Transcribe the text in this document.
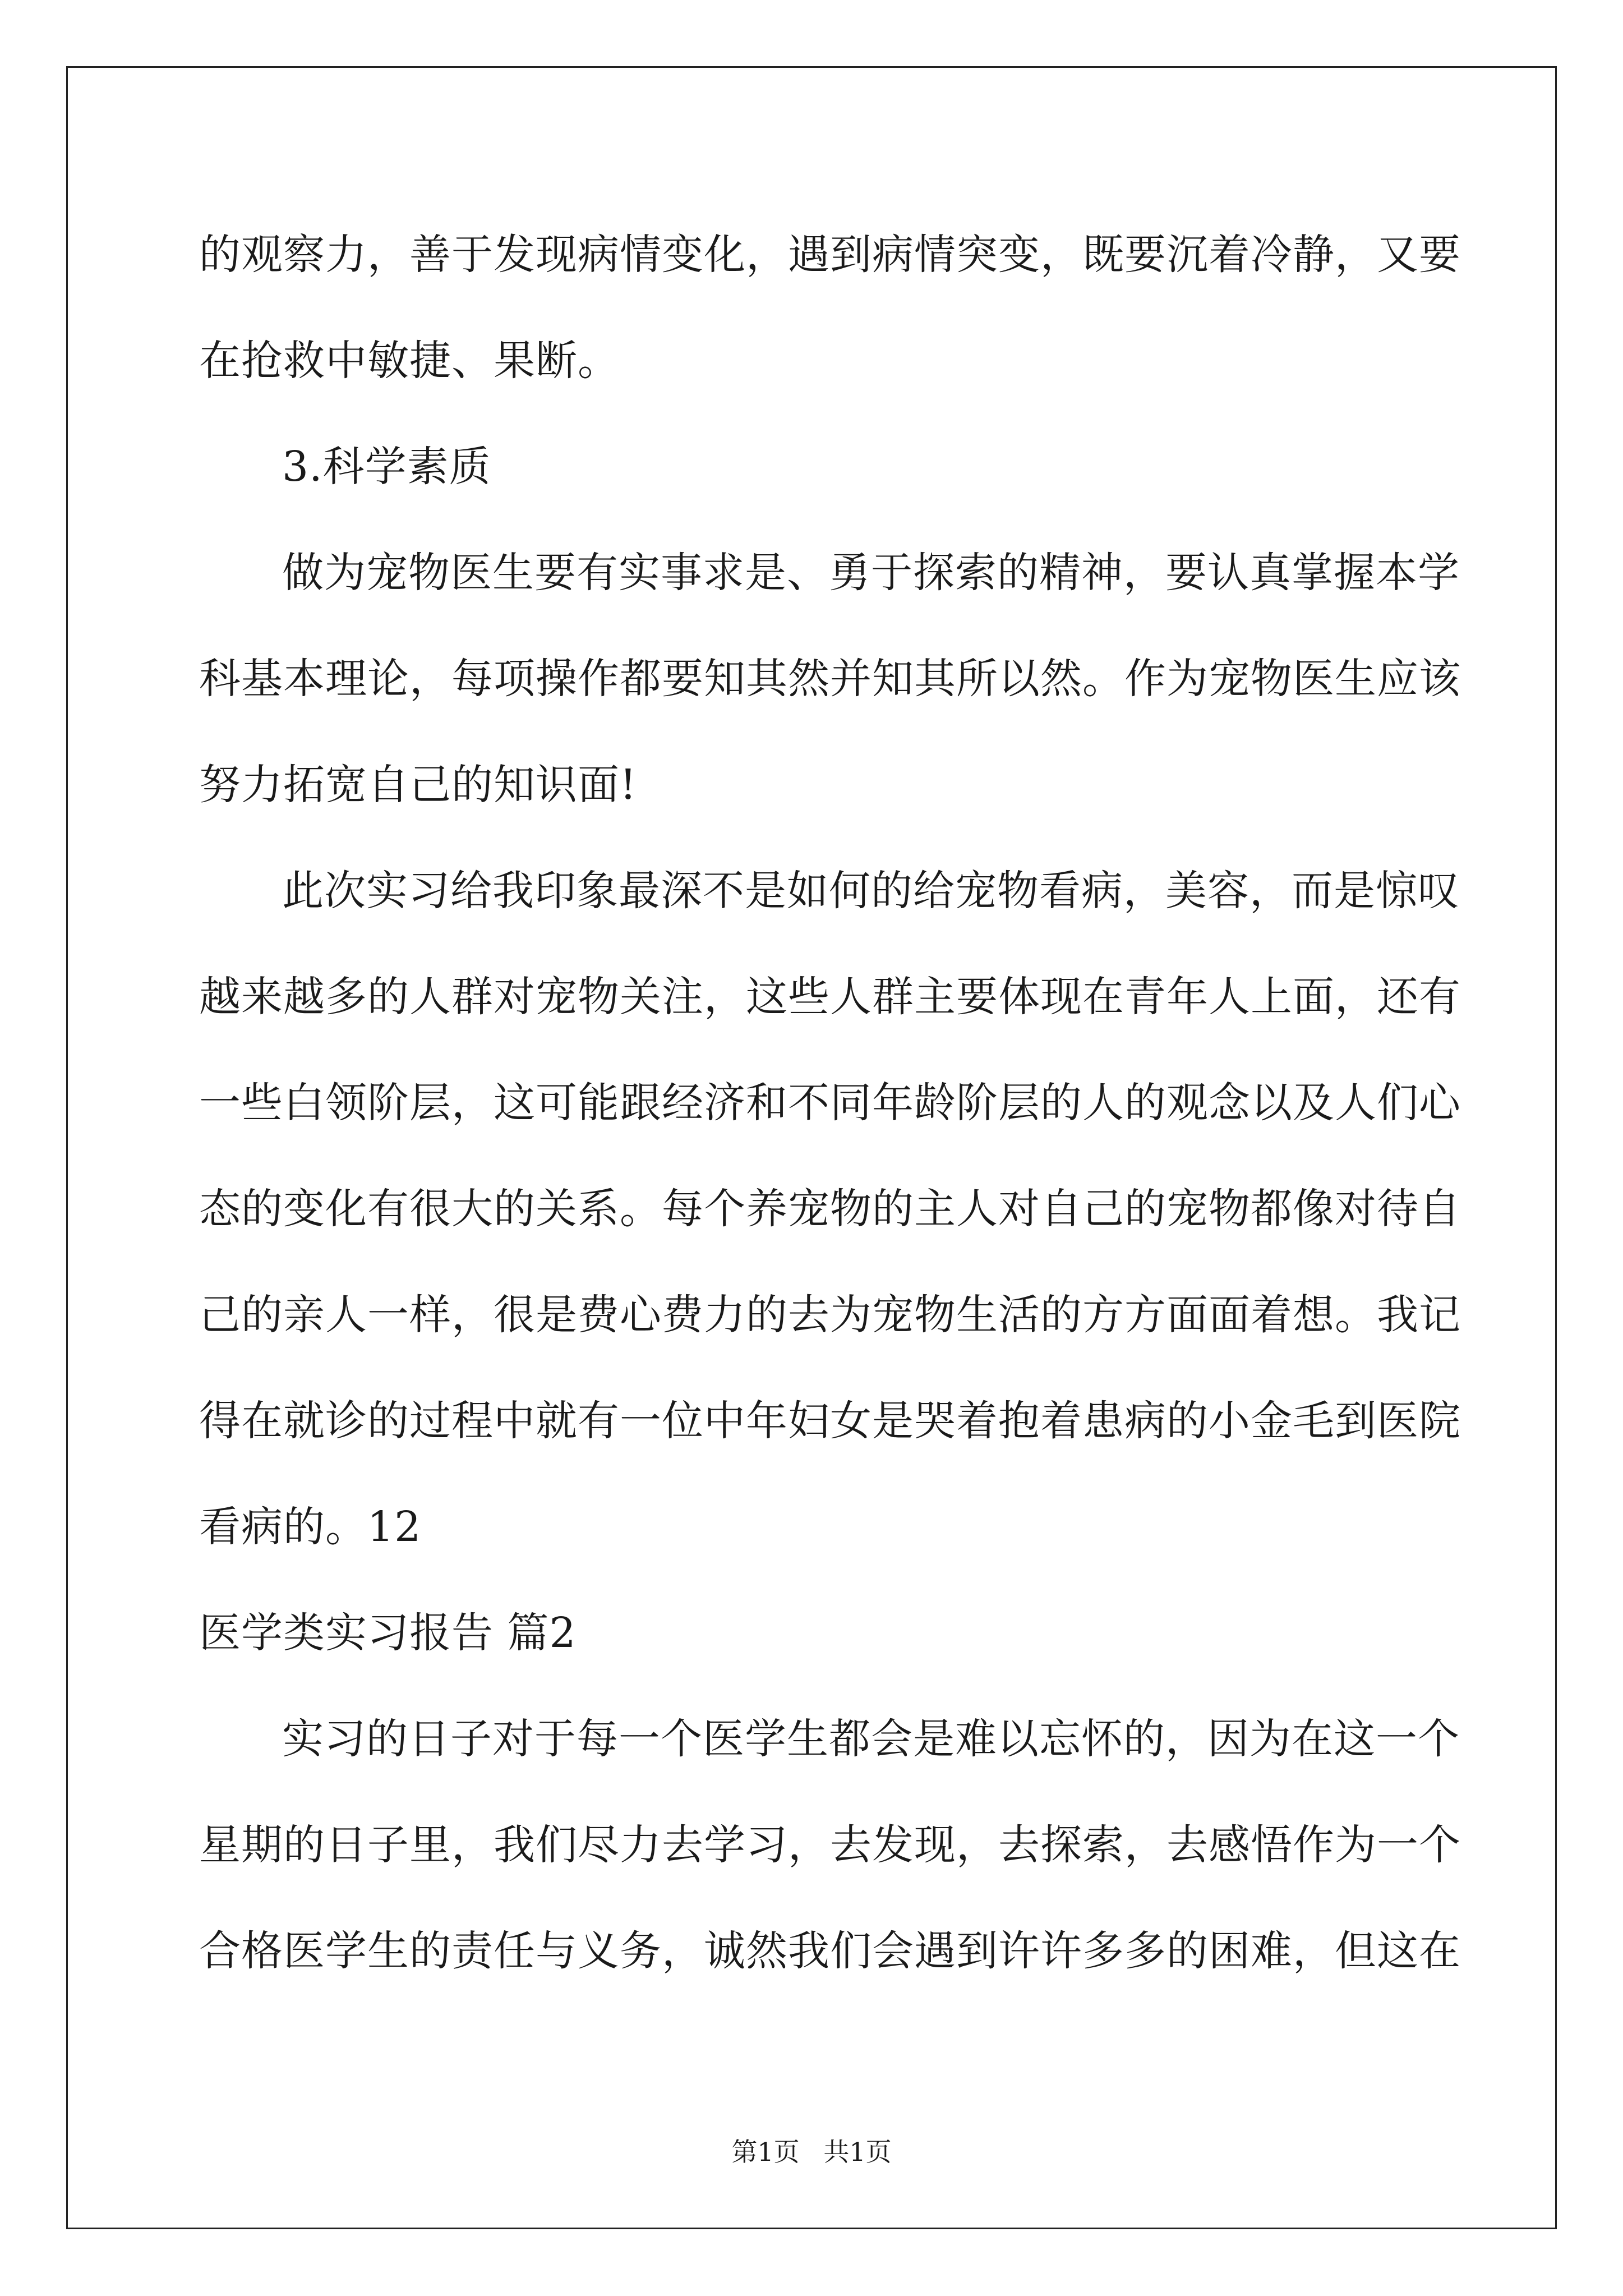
的观察力，善于发现病情变化，遇到病情突变，既要沉着冷静，又要
在抢救中敏捷、果断。
3.科学素质
做为宠物医生要有实事求是、勇于探索的精神，要认真掌握本学
科基本理论，每项操作都要知其然并知其所以然。作为宠物医生应该
努力拓宽自己的知识面!
此次实习给我印象最深不是如何的给宠物看病，美容，而是惊叹
越来越多的人群对宠物关注，这些人群主要体现在青年人上面，还有
一些白领阶层，这可能跟经济和不同年龄阶层的人的观念以及人们心
态的变化有很大的关系。每个养宠物的主人对自己的宠物都像对待自
己的亲人一样，很是费心费力的去为宠物生活的方方面面着想。我记
得在就诊的过程中就有一位中年妇女是哭着抱着患病的小金毛到医院
看病的。12
医学类实习报告 篇2
实习的日子对于每一个医学生都会是难以忘怀的，因为在这一个
星期的日子里，我们尽力去学习，去发现，去探索，去感悟作为一个
合格医学生的责任与义务，诚然我们会遇到许许多多的困难，但这在
第1页 共1页
